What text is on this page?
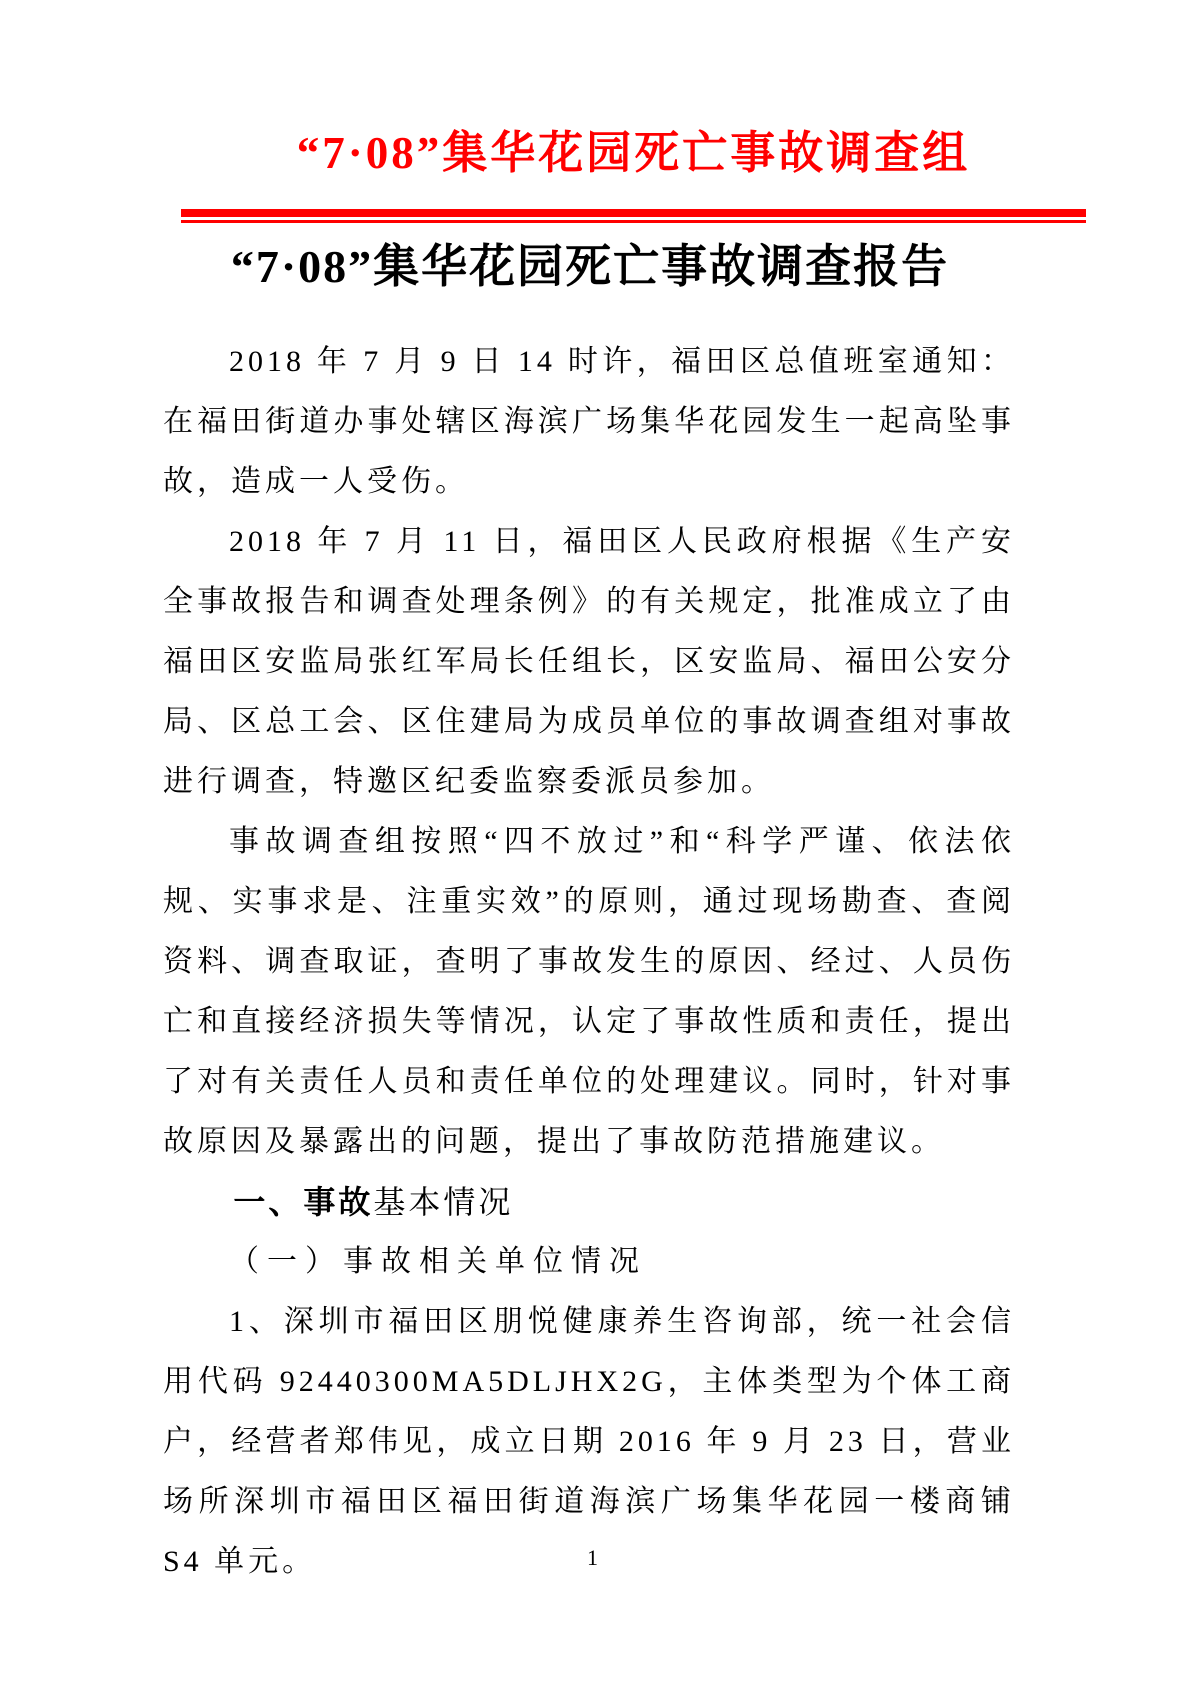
“7·08”集华花园死亡事故调查组
“7·08”集华花园死亡事故调查报告

2018 年 7 月 9 日 14 时许，福田区总值班室通知：在福田街道办事处辖区海滨广场集华花园发生一起高坠事故，造成一人受伤。

2018 年 7 月 11 日，福田区人民政府根据《生产安全事故报告和调查处理条例》的有关规定，批准成立了由福田区安监局张红军局长任组长，区安监局、福田公安分局、区总工会、区住建局为成员单位的事故调查组对事故进行调查，特邀区纪委监察委派员参加。

事故调查组按照“四不放过”和“科学严谨、依法依规、实事求是、注重实效”的原则，通过现场勘查、查阅资料、调查取证，查明了事故发生的原因、经过、人员伤亡和直接经济损失等情况，认定了事故性质和责任，提出了对有关责任人员和责任单位的处理建议。同时，针对事故原因及暴露出的问题，提出了事故防范措施建议。

一、事故基本情况

（一）事故相关单位情况

1、深圳市福田区朋悦健康养生咨询部，统一社会信用代码 92440300MA5DLJHX2G，主体类型为个体工商户，经营者郑伟见，成立日期 2016 年 9 月 23 日，营业场所深圳市福田区福田街道海滨广场集华花园一楼商铺 S4 单元。	1
